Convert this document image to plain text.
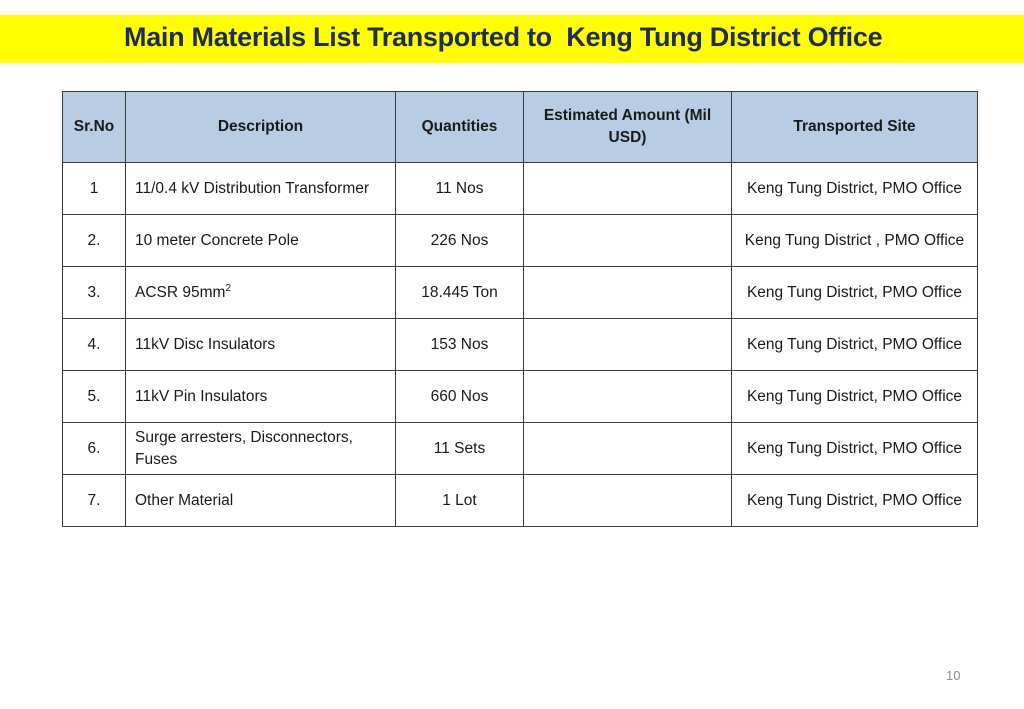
Main Materials List Transported to  Keng Tung District Office
Sr.No	Description	Quantities	Estimated Amount (Mil USD)	Transported Site
1	11/0.4 kV Distribution Transformer	11 Nos		Keng Tung District, PMO Office
2.	10 meter Concrete Pole	226 Nos		Keng Tung District , PMO Office
3.	ACSR $95mm^2$	18.445 Ton		Keng Tung District, PMO Office
4.	11kV Disc Insulators	153 Nos		Keng Tung District, PMO Office
5.	11kV Pin Insulators	660 Nos		Keng Tung District, PMO Office
6.	Surge arresters, Disconnectors, Fuses	11 Sets		Keng Tung District, PMO Office
7.	Other Material	1 Lot		Keng Tung District, PMO Office
10
